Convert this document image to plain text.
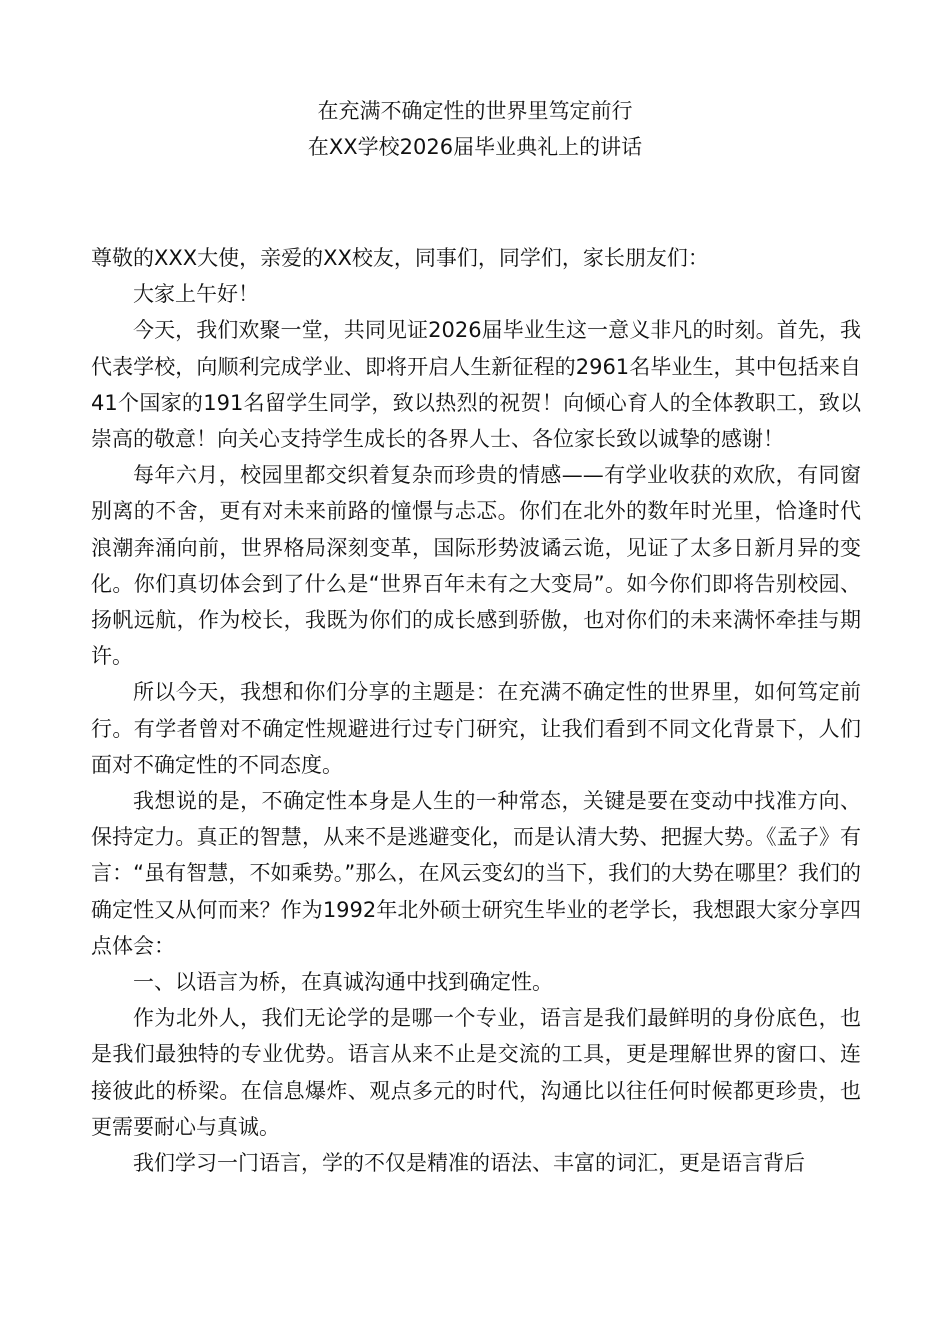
在充满不确定性的世界里笃定前行
在XX学校2026届毕业典礼上的讲话

尊敬的XXX大使，亲爱的XX校友，同事们，同学们，家长朋友们：

大家上午好！

今天，我们欢聚一堂，共同见证2026届毕业生这一意义非凡的时刻。首先，我代表学校，向顺利完成学业、即将开启人生新征程的2961名毕业生，其中包括来自41个国家的191名留学生同学，致以热烈的祝贺！向倾心育人的全体教职工，致以崇高的敬意！向关心支持学生成长的各界人士、各位家长致以诚挚的感谢！

每年六月，校园里都交织着复杂而珍贵的情感——有学业收获的欢欣，有同窗别离的不舍，更有对未来前路的憧憬与忐忑。你们在北外的数年时光里，恰逢时代浪潮奔涌向前，世界格局深刻变革，国际形势波谲云诡，见证了太多日新月异的变化。你们真切体会到了什么是“世界百年未有之大变局”。如今你们即将告别校园、扬帆远航，作为校长，我既为你们的成长感到骄傲，也对你们的未来满怀牵挂与期许。

所以今天，我想和你们分享的主题是：在充满不确定性的世界里，如何笃定前行。有学者曾对不确定性规避进行过专门研究，让我们看到不同文化背景下，人们面对不确定性的不同态度。

我想说的是，不确定性本身是人生的一种常态，关键是要在变动中找准方向、保持定力。真正的智慧，从来不是逃避变化，而是认清大势、把握大势。《孟子》有言：“虽有智慧，不如乘势。”那么，在风云变幻的当下，我们的大势在哪里？我们的确定性又从何而来？作为1992年北外硕士研究生毕业的老学长，我想跟大家分享四点体会：

一、以语言为桥，在真诚沟通中找到确定性。

作为北外人，我们无论学的是哪一个专业，语言是我们最鲜明的身份底色，也是我们最独特的专业优势。语言从来不止是交流的工具，更是理解世界的窗口、连接彼此的桥梁。在信息爆炸、观点多元的时代，沟通比以往任何时候都更珍贵，也更需要耐心与真诚。

我们学习一门语言，学的不仅是精准的语法、丰富的词汇，更是语言背后
